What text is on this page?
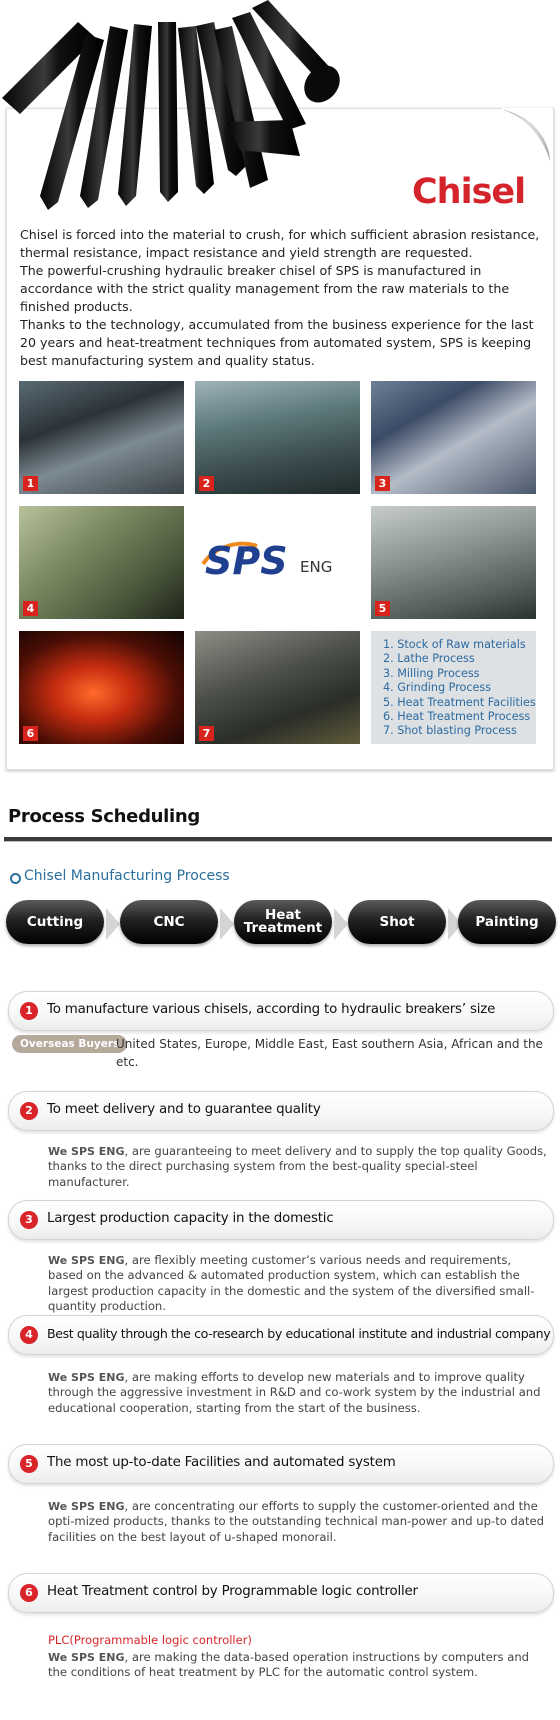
Chisel

Chisel is forced into the material to crush, for which sufficient abrasion resistance, thermal resistance, impact resistance and yield strength are requested.

The powerful-crushing hydraulic breaker chisel of SPS is manufactured in accordance with the strict quality management from the raw materials to the finished products.

Thanks to the technology, accumulated from the business experience for the last 20 years and heat-treatment techniques from automated system, SPS is keeping best manufacturing system and quality status.

1	2	3
4	5
6	7
SPS ENG
1. Stock of Raw materials
2. Lathe Process
3. Milling Process
4. Grinding Process
5. Heat Treatment Facilities
6. Heat Treatment Process
7. Shot blasting Process
Process Scheduling
Chisel Manufacturing Process
Cutting	CNC	Heat
Treatment	Shot	Painting
1	To manufacture various chisels, according to hydraulic breakers’ size
Overseas Buyers
United States, Europe, Middle East, East southern Asia, African and the etc.
2	To meet delivery and to guarantee quality
We SPS ENG, are guaranteeing to meet delivery and to supply the top quality Goods, thanks to the direct purchasing system from the best-quality special-steel manufacturer.
3	Largest production capacity in the domestic
We SPS ENG, are flexibly meeting customer’s various needs and requirements, based on the advanced & automated production system, which can establish the largest production capacity in the domestic and the system of the diversified small-quantity production.
4	Best quality through the co-research by educational institute and industrial company
We SPS ENG, are making efforts to develop new materials and to improve quality through the aggressive investment in R&D and co-work system by the industrial and educational cooperation, starting from the start of the business.
5	The most up-to-date Facilities and automated system
We SPS ENG, are concentrating our efforts to supply the customer-oriented and the opti-mized products, thanks to the outstanding technical man-power and up-to dated facilities on the best layout of u-shaped monorail.
6	Heat Treatment control by Programmable logic controller
PLC(Programmable logic controller)
We SPS ENG, are making the data-based operation instructions by computers and the conditions of heat treatment by PLC for the automatic control system.
